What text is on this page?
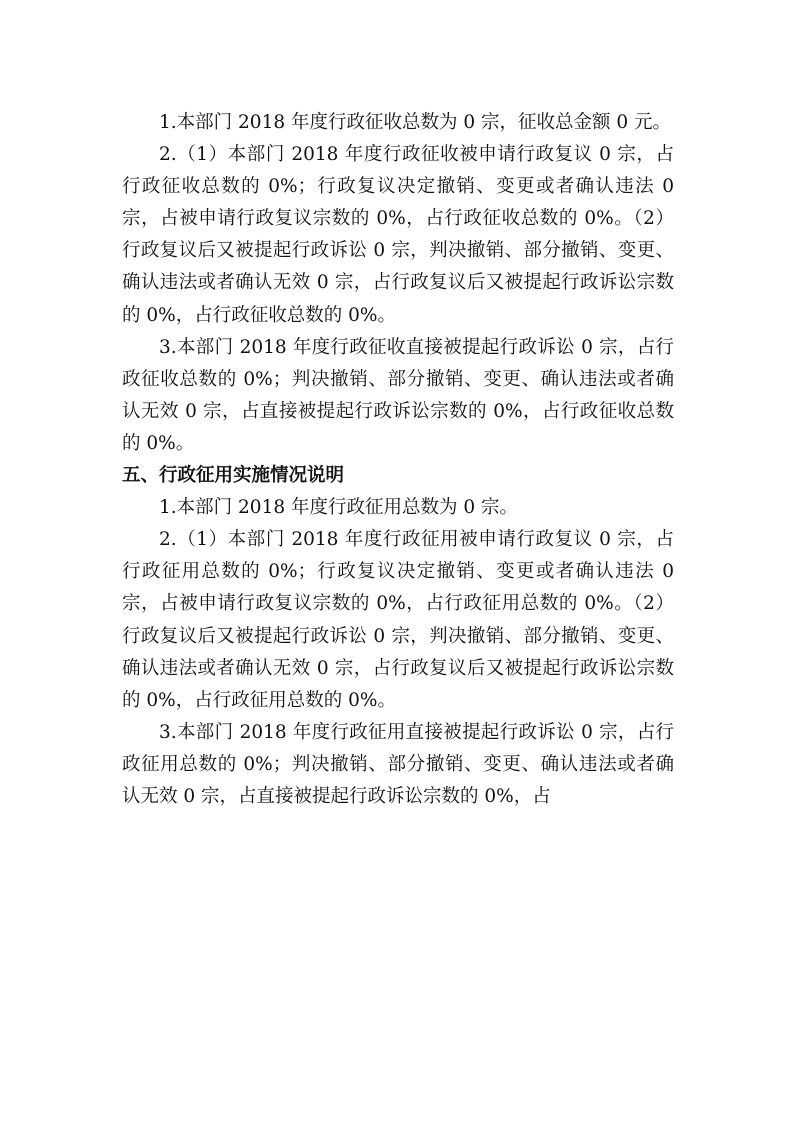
1.本部门 2018 年度行政征收总数为 0 宗，征收总金额 0 元。

2.（1）本部门 2018 年度行政征收被申请行政复议 0 宗，占行政征收总数的 0%；行政复议决定撤销、变更或者确认违法 0 宗，占被申请行政复议宗数的 0%，占行政征收总数的 0%。（2）行政复议后又被提起行政诉讼 0 宗，判决撤销、部分撤销、变更、确认违法或者确认无效 0 宗，占行政复议后又被提起行政诉讼宗数的 0%，占行政征收总数的 0%。

3.本部门 2018 年度行政征收直接被提起行政诉讼 0 宗，占行政征收总数的 0%；判决撤销、部分撤销、变更、确认违法或者确认无效 0 宗，占直接被提起行政诉讼宗数的 0%，占行政征收总数的 0%。

五、行政征用实施情况说明

1.本部门 2018 年度行政征用总数为 0 宗。

2.（1）本部门 2018 年度行政征用被申请行政复议 0 宗，占行政征用总数的 0%；行政复议决定撤销、变更或者确认违法 0 宗，占被申请行政复议宗数的 0%，占行政征用总数的 0%。（2）行政复议后又被提起行政诉讼 0 宗，判决撤销、部分撤销、变更、确认违法或者确认无效 0 宗，占行政复议后又被提起行政诉讼宗数的 0%，占行政征用总数的 0%。

3.本部门 2018 年度行政征用直接被提起行政诉讼 0 宗，占行政征用总数的 0%；判决撤销、部分撤销、变更、确认违法或者确认无效 0 宗，占直接被提起行政诉讼宗数的 0%，占
